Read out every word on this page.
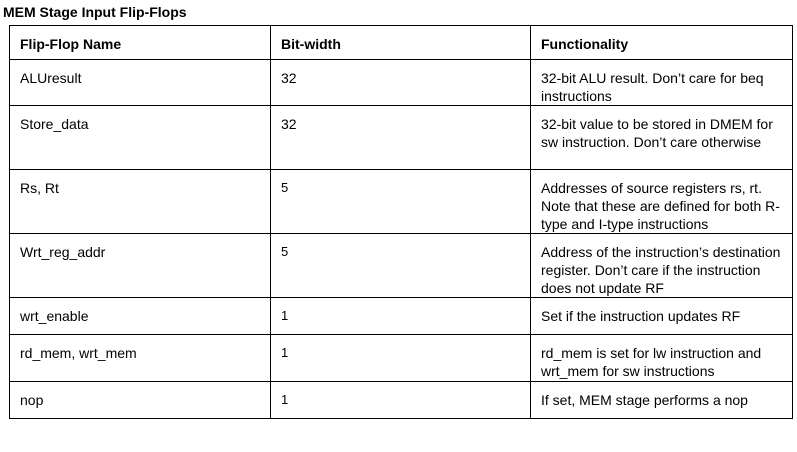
MEM Stage Input Flip-Flops
Flip-Flop Name	Bit-width	Functionality

ALUresult	32	32-bit ALU result. Don’t care for beq instructions

Store_data	32	32-bit value to be stored in DMEM for sw instruction. Don’t care otherwise

Rs, Rt	5	Addresses of source registers rs, rt. Note that these are defined for both R-type and I-type instructions

Wrt_reg_addr	5	Address of the instruction’s destination register. Don’t care if the instruction does not update RF

wrt_enable	1	Set if the instruction updates RF

rd_mem, wrt_mem	1	rd_mem is set for lw instruction and wrt_mem for sw instructions

nop	1	If set, MEM stage performs a nop
